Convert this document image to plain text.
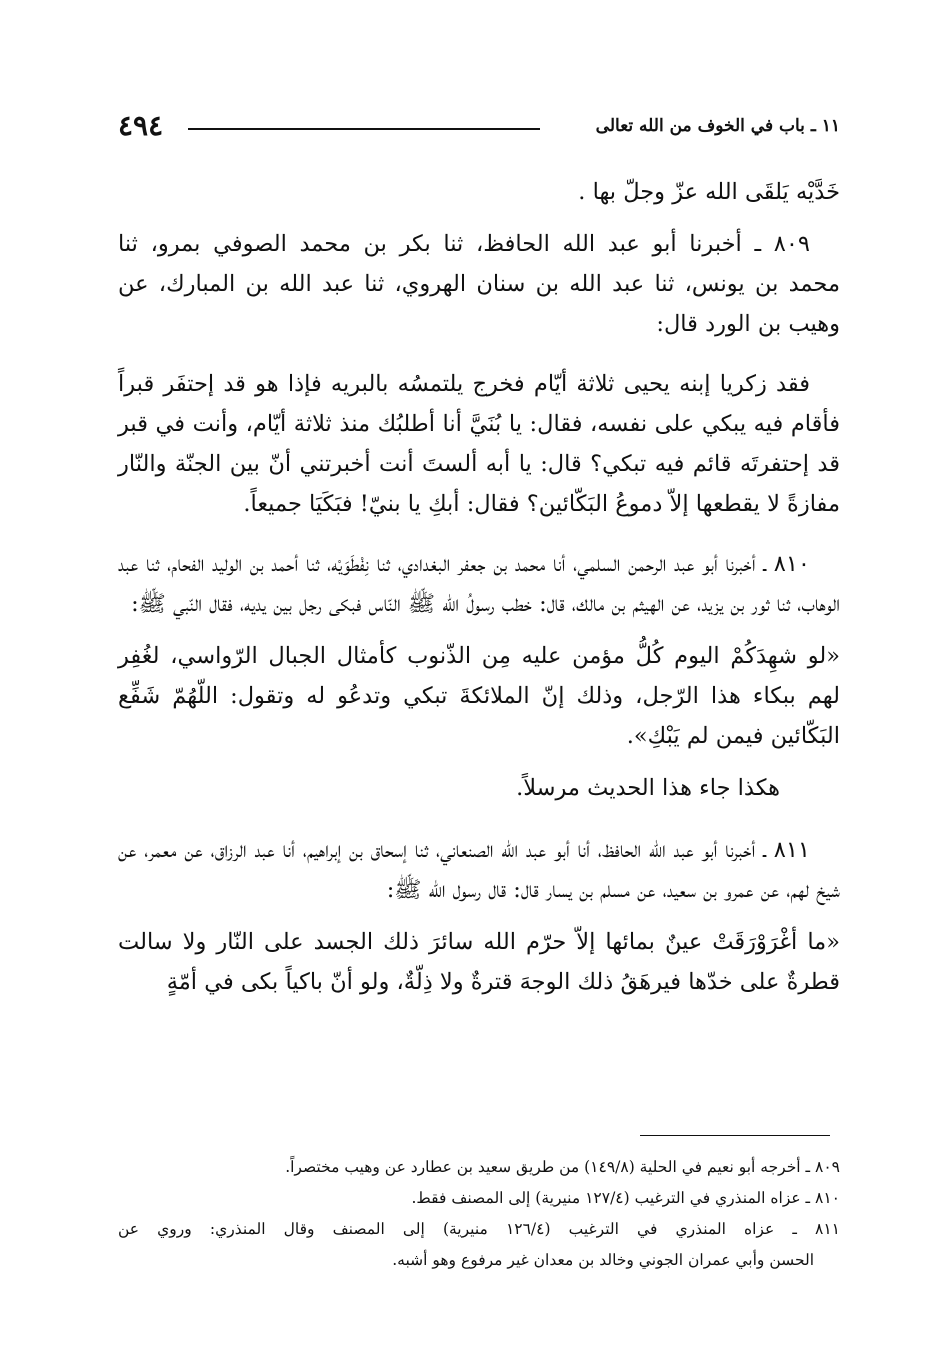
٤٩٤	١١ ـ باب في الخوف من الله تعالى

خَدَّيْه يَلقَى الله عزّ وجلّ بها .

٨٠٩ ـ أخبرنا أبو عبد الله الحافظ، ثنا بكر بن محمد الصوفي بمرو، ثنا
محمد بن يونس، ثنا عبد الله بن سنان الهروي، ثنا عبد الله بن المبارك، عن
وهيب بن الورد قال:

فقد زكريا إبنه يحيى ثلاثة أيّام فخرج يلتمسُه بالبريه فإذا هو قد إحتفَر قبراً فأقام فيه يبكي على نفسه، فقال: يا بُنَيَّ أنا أطلبُك منذ ثلاثة أيّام، وأنت في قبر قد إحتفرتَه قائم فيه تبكي؟ قال: يا أبه ألستَ أنت أخبرتني أنّ بين الجنّة والنّار مفازةً لا يقطعها إلاّ دموعُ البَكّائين؟ فقال: أبكِ يا بنيّ! فبَكَيَا جميعاً.

٨١٠ ـ أخبرنا أبو عبد الرحمن السلمي، أنا محمد بن جعفر البغدادي، ثنا نِفْطَوَيْه، ثنا أحمد بن الوليد الفحام، ثنا عبد الوهاب، ثنا ثور بن يزيد، عن الهيثم بن مالك، قال: خطب رسولُ الله ﷺ النّاس فبكى رجل بين يديه، فقال النّبي ﷺ:

«لو شهِدَكُمْ اليوم كُلُّ مؤمن عليه مِن الذّنوب كأمثال الجبال الرّواسي، لغُفِر لهم ببكاء هذا الرّجل، وذلك إنّ الملائكةَ تبكي وتدعُو له وتقول: اللّهُمّ شَفِّع البَكّائين فيمن لم يَبْكِ».

هكذا جاء هذا الحديث مرسلاً.

٨١١ ـ أخبرنا أبو عبد الله الحافظ، أنا أبو عبد الله الصنعاني، ثنا إسحاق بن إبراهيم، أنا عبد الرزاق، عن معمر، عن شيخ لهم، عن عمرو بن سعيد، عن مسلم بن يسار قال: قال رسول الله ﷺ:

«ما أغْرَوْرَقَتْ عينٌ بمائها إلاّ حرّم الله سائرَ ذلك الجسد على النّار ولا سالت قطرةٌ على خدّها فيرهَقُ ذلك الوجهَ قترةٌ ولا ذِلّةٌ، ولو أنّ باكياً بكى في أمّةٍ

٨٠٩ ـ أخرجه أبو نعيم في الحلية (١٤٩/٨) من طريق سعيد بن عطارد عن وهيب مختصراً.

٨١٠ ـ عزاه المنذري في الترغيب (١٢٧/٤ منيرية) إلى المصنف فقط.

٨١١ ـ عزاه المنذري في الترغيب (١٢٦/٤ منيرية) إلى المصنف وقال المنذري: وروي عن
الحسن وأبي عمران الجوني وخالد بن معدان غير مرفوع وهو أشبه.
